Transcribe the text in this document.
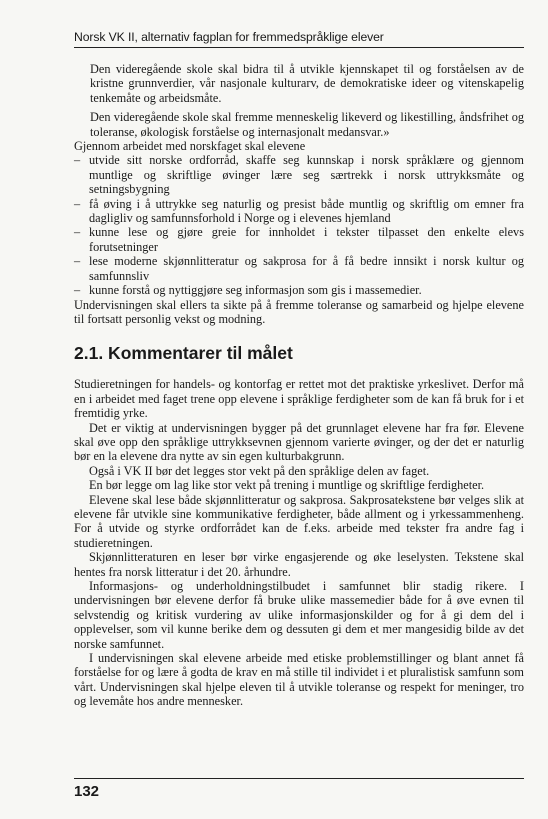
Norsk VK II, alternativ fagplan for fremmedspråklige elever

Den videregående skole skal bidra til å utvikle kjennskapet til og forståelsen av de kristne grunnverdier, vår nasjonale kulturarv, de demokratiske ideer og vitenskapelig tenkemåte og arbeidsmåte.

Den videregående skole skal fremme menneskelig likeverd og likestilling, åndsfrihet og toleranse, økologisk forståelse og internasjonalt medansvar.»

Gjennom arbeidet med norskfaget skal elevene

– utvide sitt norske ordforråd, skaffe seg kunnskap i norsk språklære og gjennom muntlige og skriftlige øvinger lære seg særtrekk i norsk uttrykksmåte og setningsbygning
– få øving i å uttrykke seg naturlig og presist både muntlig og skriftlig om emner fra dagligliv og samfunnsforhold i Norge og i elevenes hjemland
– kunne lese og gjøre greie for innholdet i tekster tilpasset den enkelte elevs forutsetninger
– lese moderne skjønnlitteratur og sakprosa for å få bedre innsikt i norsk kultur og samfunnsliv
– kunne forstå og nyttiggjøre seg informasjon som gis i massemedier.

Undervisningen skal ellers ta sikte på å fremme toleranse og samarbeid og hjelpe elevene til fortsatt personlig vekst og modning.

2.1. Kommentarer til målet

Studieretningen for handels- og kontorfag er rettet mot det praktiske yrkeslivet. Derfor må en i arbeidet med faget trene opp elevene i språklige ferdigheter som de kan få bruk for i et fremtidig yrke.

Det er viktig at undervisningen bygger på det grunnlaget elevene har fra før. Elevene skal øve opp den språklige uttrykksevnen gjennom varierte øvinger, og der det er naturlig bør en la elevene dra nytte av sin egen kulturbakgrunn.

Også i VK II bør det legges stor vekt på den språklige delen av faget.

En bør legge om lag like stor vekt på trening i muntlige og skriftlige ferdigheter.

Elevene skal lese både skjønnlitteratur og sakprosa. Sakprosatekstene bør velges slik at elevene får utvikle sine kommunikative ferdigheter, både allment og i yrkessammenheng. For å utvide og styrke ordforrådet kan de f.eks. arbeide med tekster fra andre fag i studieretningen.

Skjønnlitteraturen en leser bør virke engasjerende og øke leselysten. Tekstene skal hentes fra norsk litteratur i det 20. århundre.

Informasjons- og underholdningstilbudet i samfunnet blir stadig rikere. I undervisningen bør elevene derfor få bruke ulike massemedier både for å øve evnen til selvstendig og kritisk vurdering av ulike informasjonskilder og for å gi dem del i opplevelser, som vil kunne berike dem og dessuten gi dem et mer mangesidig bilde av det norske samfunnet.

I undervisningen skal elevene arbeide med etiske problemstillinger og blant annet få forståelse for og lære å godta de krav en må stille til individet i et pluralistisk samfunn som vårt. Undervisningen skal hjelpe eleven til å utvikle toleranse og respekt for meninger, tro og levemåte hos andre mennesker.

132
